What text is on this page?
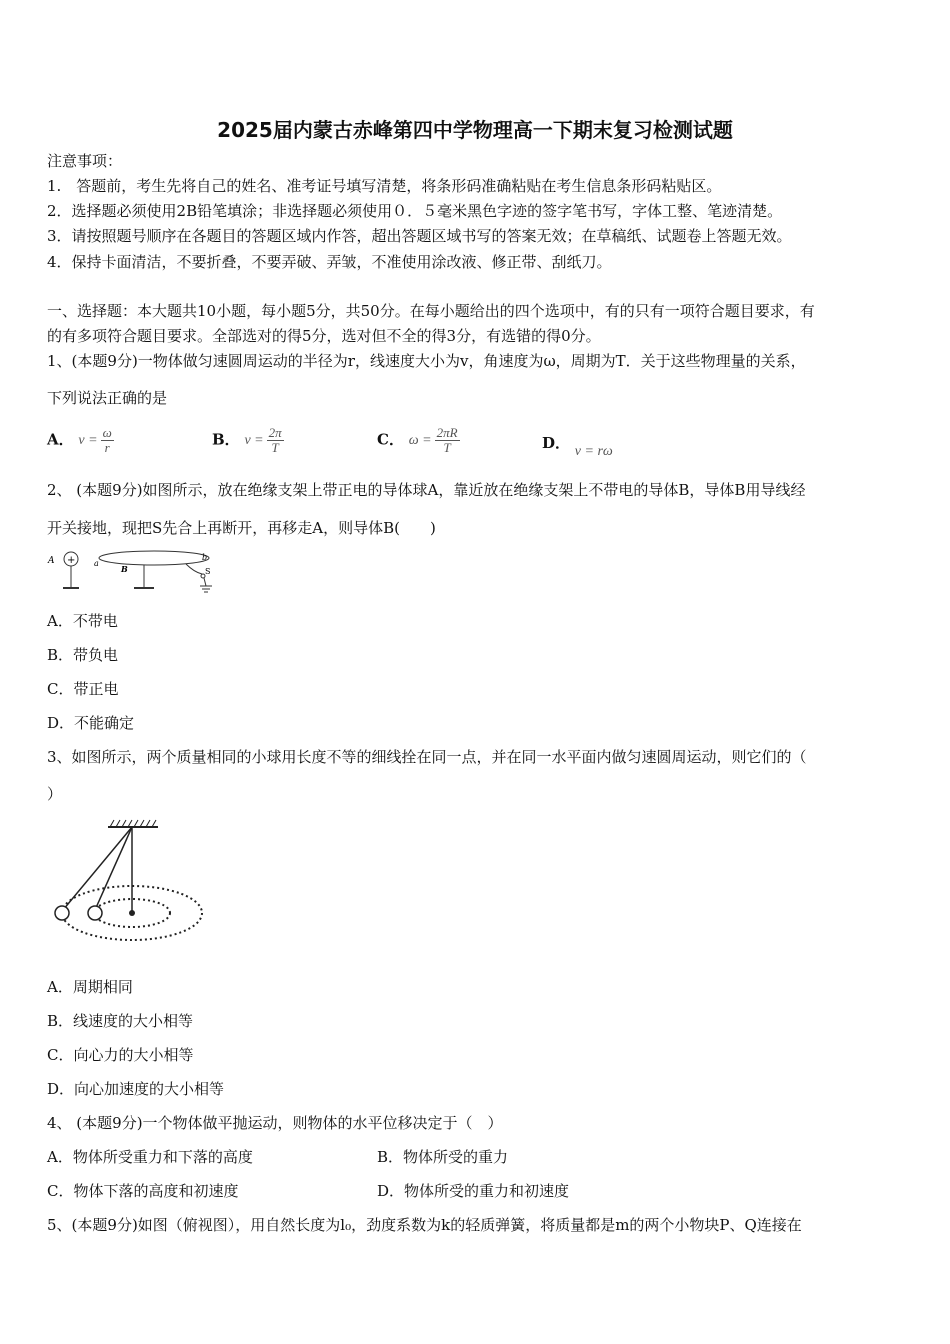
2025届内蒙古赤峰第四中学物理高一下期末复习检测试题
注意事项：
1.　答题前，考生先将自己的姓名、准考证号填写清楚，将条形码准确粘贴在考生信息条形码粘贴区。
2．选择题必须使用2B铅笔填涂；非选择题必须使用０．５毫米黑色字迹的签字笔书写，字体工整、笔迹清楚。
3．请按照题号顺序在各题目的答题区域内作答，超出答题区域书写的答案无效；在草稿纸、试题卷上答题无效。
4．保持卡面清洁，不要折叠，不要弄破、弄皱，不准使用涂改液、修正带、刮纸刀。
一、选择题：本大题共10小题，每小题5分，共50分。在每小题给出的四个选项中，有的只有一项符合题目要求，有
的有多项符合题目要求。全部选对的得5分，选对但不全的得3分，有选错的得0分。
1、(本题9分)一物体做匀速圆周运动的半径为r，线速度大小为v，角速度为ω，周期为T．关于这些物理量的关系，
下列说法正确的是
A． $v = \frac{\omega}{r}$	B． $v = \frac{2\pi}{T}$	C． $\omega = \frac{2\pi R}{T}$	D． v = rω
2、 (本题9分)如图所示，放在绝缘支架上带正电的导体球A，靠近放在绝缘支架上不带电的导体B，导体B用导线经
开关接地，现把S先合上再断开，再移走A，则导体B(　　)
A + a
B
b
S
A．不带电
B．带负电
C．带正电
D．不能确定
3、如图所示，两个质量相同的小球用长度不等的细线拴在同一点，并在同一水平面内做匀速圆周运动，则它们的（
）
A．周期相同
B．线速度的大小相等
C．向心力的大小相等
D．向心加速度的大小相等
4、 (本题9分)一个物体做平抛运动，则物体的水平位移决定于（　）
A．物体所受重力和下落的高度	B．物体所受的重力
C．物体下落的高度和初速度	D．物体所受的重力和初速度
5、(本题9分)如图（俯视图），用自然长度为l₀，劲度系数为k的轻质弹簧，将质量都是m的两个小物块P、Q连接在
